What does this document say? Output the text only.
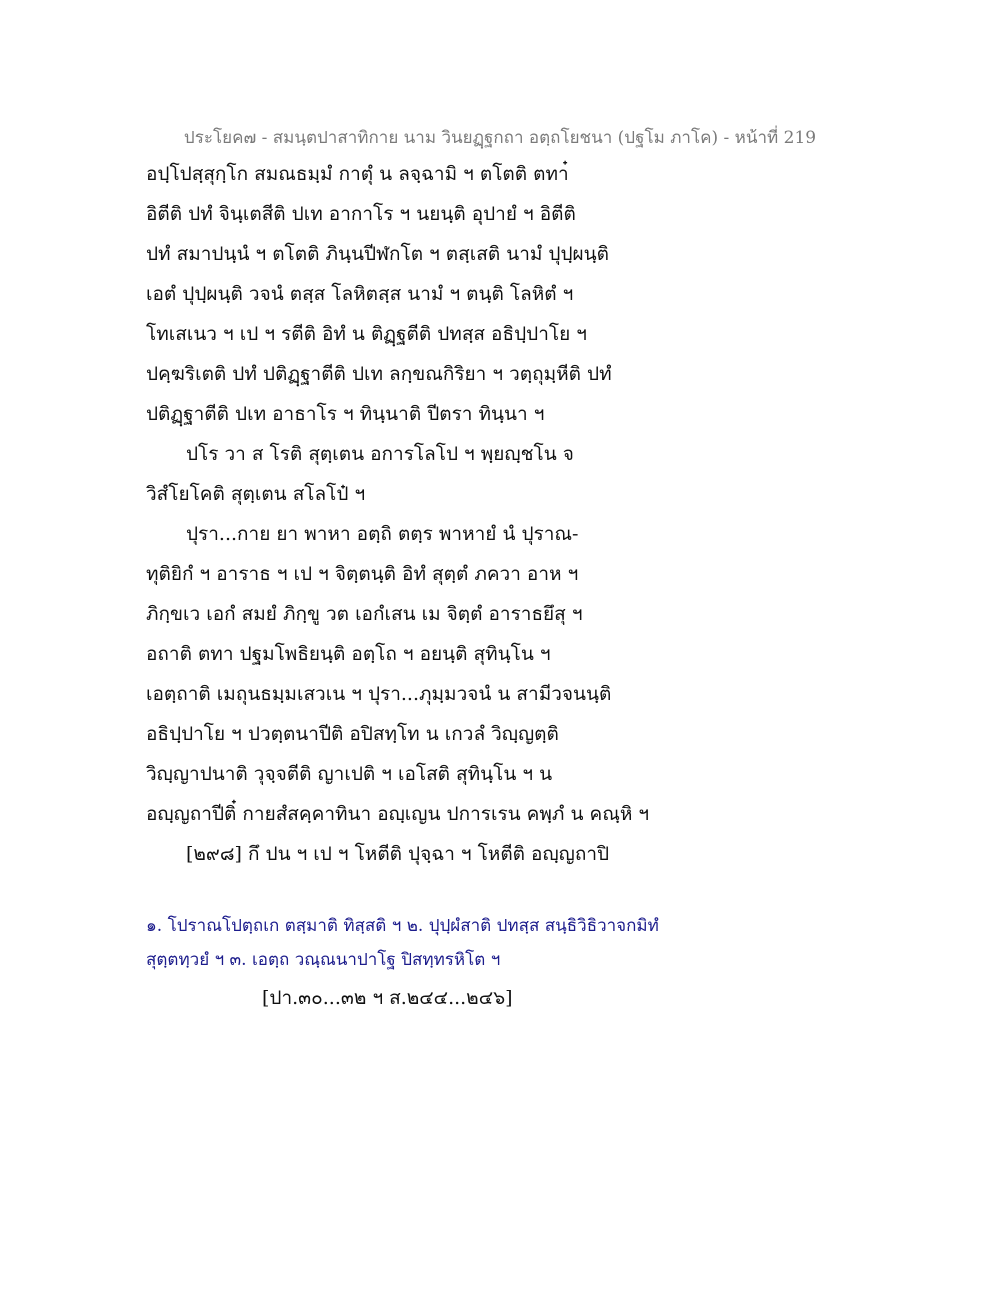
ประโยค๗ - สมนฺตปาสาทิกาย นาม วินยฏฺฐกถา อตฺถโยชนา (ปฐโม ภาโค) - หน้าที่ 219
อปฺโปสฺสุกฺโก สมณธมฺมํ กาตุํ น ลจฺฉามิ ฯ ตโตติ ตทา๋
อิตีติ ปทํ จินฺเตสีติ ปเท อากาโร ฯ นยนฺติ อุปายํ ฯ อิตีติ
ปทํ สมาปนฺนํ ฯ ตโตติ ภินฺนปีฬกโต ฯ ตสฺเสติ นามํ ปุปฺผนฺติ
เอตํ ปุปฺผนฺติ วจนํ ตสฺส โลหิตสฺส นามํ ฯ ตนฺติ โลหิตํ ฯ
โทเสเนว ฯ เป ฯ รตีติ อิทํ น ติฏฺฐตีติ ปทสฺส อธิปฺปาโย ฯ
ปคฺฆริเตติ ปทํ ปติฏฺฐาตีติ ปเท ลกฺขณกิริยา ฯ วตฺถุมฺหีติ ปทํ
ปติฏฺฐาตีติ ปเท อาธาโร ฯ ทินฺนาติ ปีตรา ทินฺนา ฯ
ปโร วา ส โรติ สุตฺเตน อการโลโป ฯ พฺยญฺชโน จ
วิสํโยโคติ สุตฺเตน สโลโป๋ ฯ
ปุรา...กาย ยา พาหา อตฺถิ ตตฺร พาหายํ นํ ปุราณ-
ทุติยิกํ ฯ อาราธ ฯ เป ฯ จิตฺตนฺติ อิทํ สุตฺตํ ภควา อาห ฯ
ภิกฺขเว เอกํ สมยํ ภิกฺขู วต เอกํเสน เม จิตฺตํ อาราธยึสุ ฯ
อถาติ ตทา ปฐมโพธิยนฺติ อตฺโถ ฯ อยนฺติ สุทินฺโน ฯ
เอตฺถาติ เมถุนธมฺมเสวเน ฯ ปุรา...ภุมฺมวจนํ น สามีวจนนฺติ
อธิปฺปาโย ฯ ปวตฺตนาปีติ อปิสทฺโท น เกวลํ วิญฺญตฺติ
วิญฺญาปนาติ วุจฺจตีติ ญาเปติ ฯ เอโสติ สุทินฺโน ฯ น
อญฺญถาปีติ๋ กายสํสคฺคาทินา อญฺเญน ปการเรน คพฺภํ น คณฺหิ ฯ
[๒๙๘] กึ ปน ฯ เป ฯ โหตีติ ปุจฺฉา ฯ โหตีติ อญฺญถาปิ
๑. โปราณโปตฺถเก ตสฺมาติ ทิสฺสติ ฯ ๒. ปุปฺผํสาติ ปทสฺส สนฺธิวิธิวาจกมิทํ
สุตฺตทฺวยํ ฯ ๓. เอตฺถ วณฺณนาปาโฐ ปิสทฺทรหิโต ฯ
[ปา.๓๐...๓๒ ฯ ส.๒๔๔...๒๔๖]
